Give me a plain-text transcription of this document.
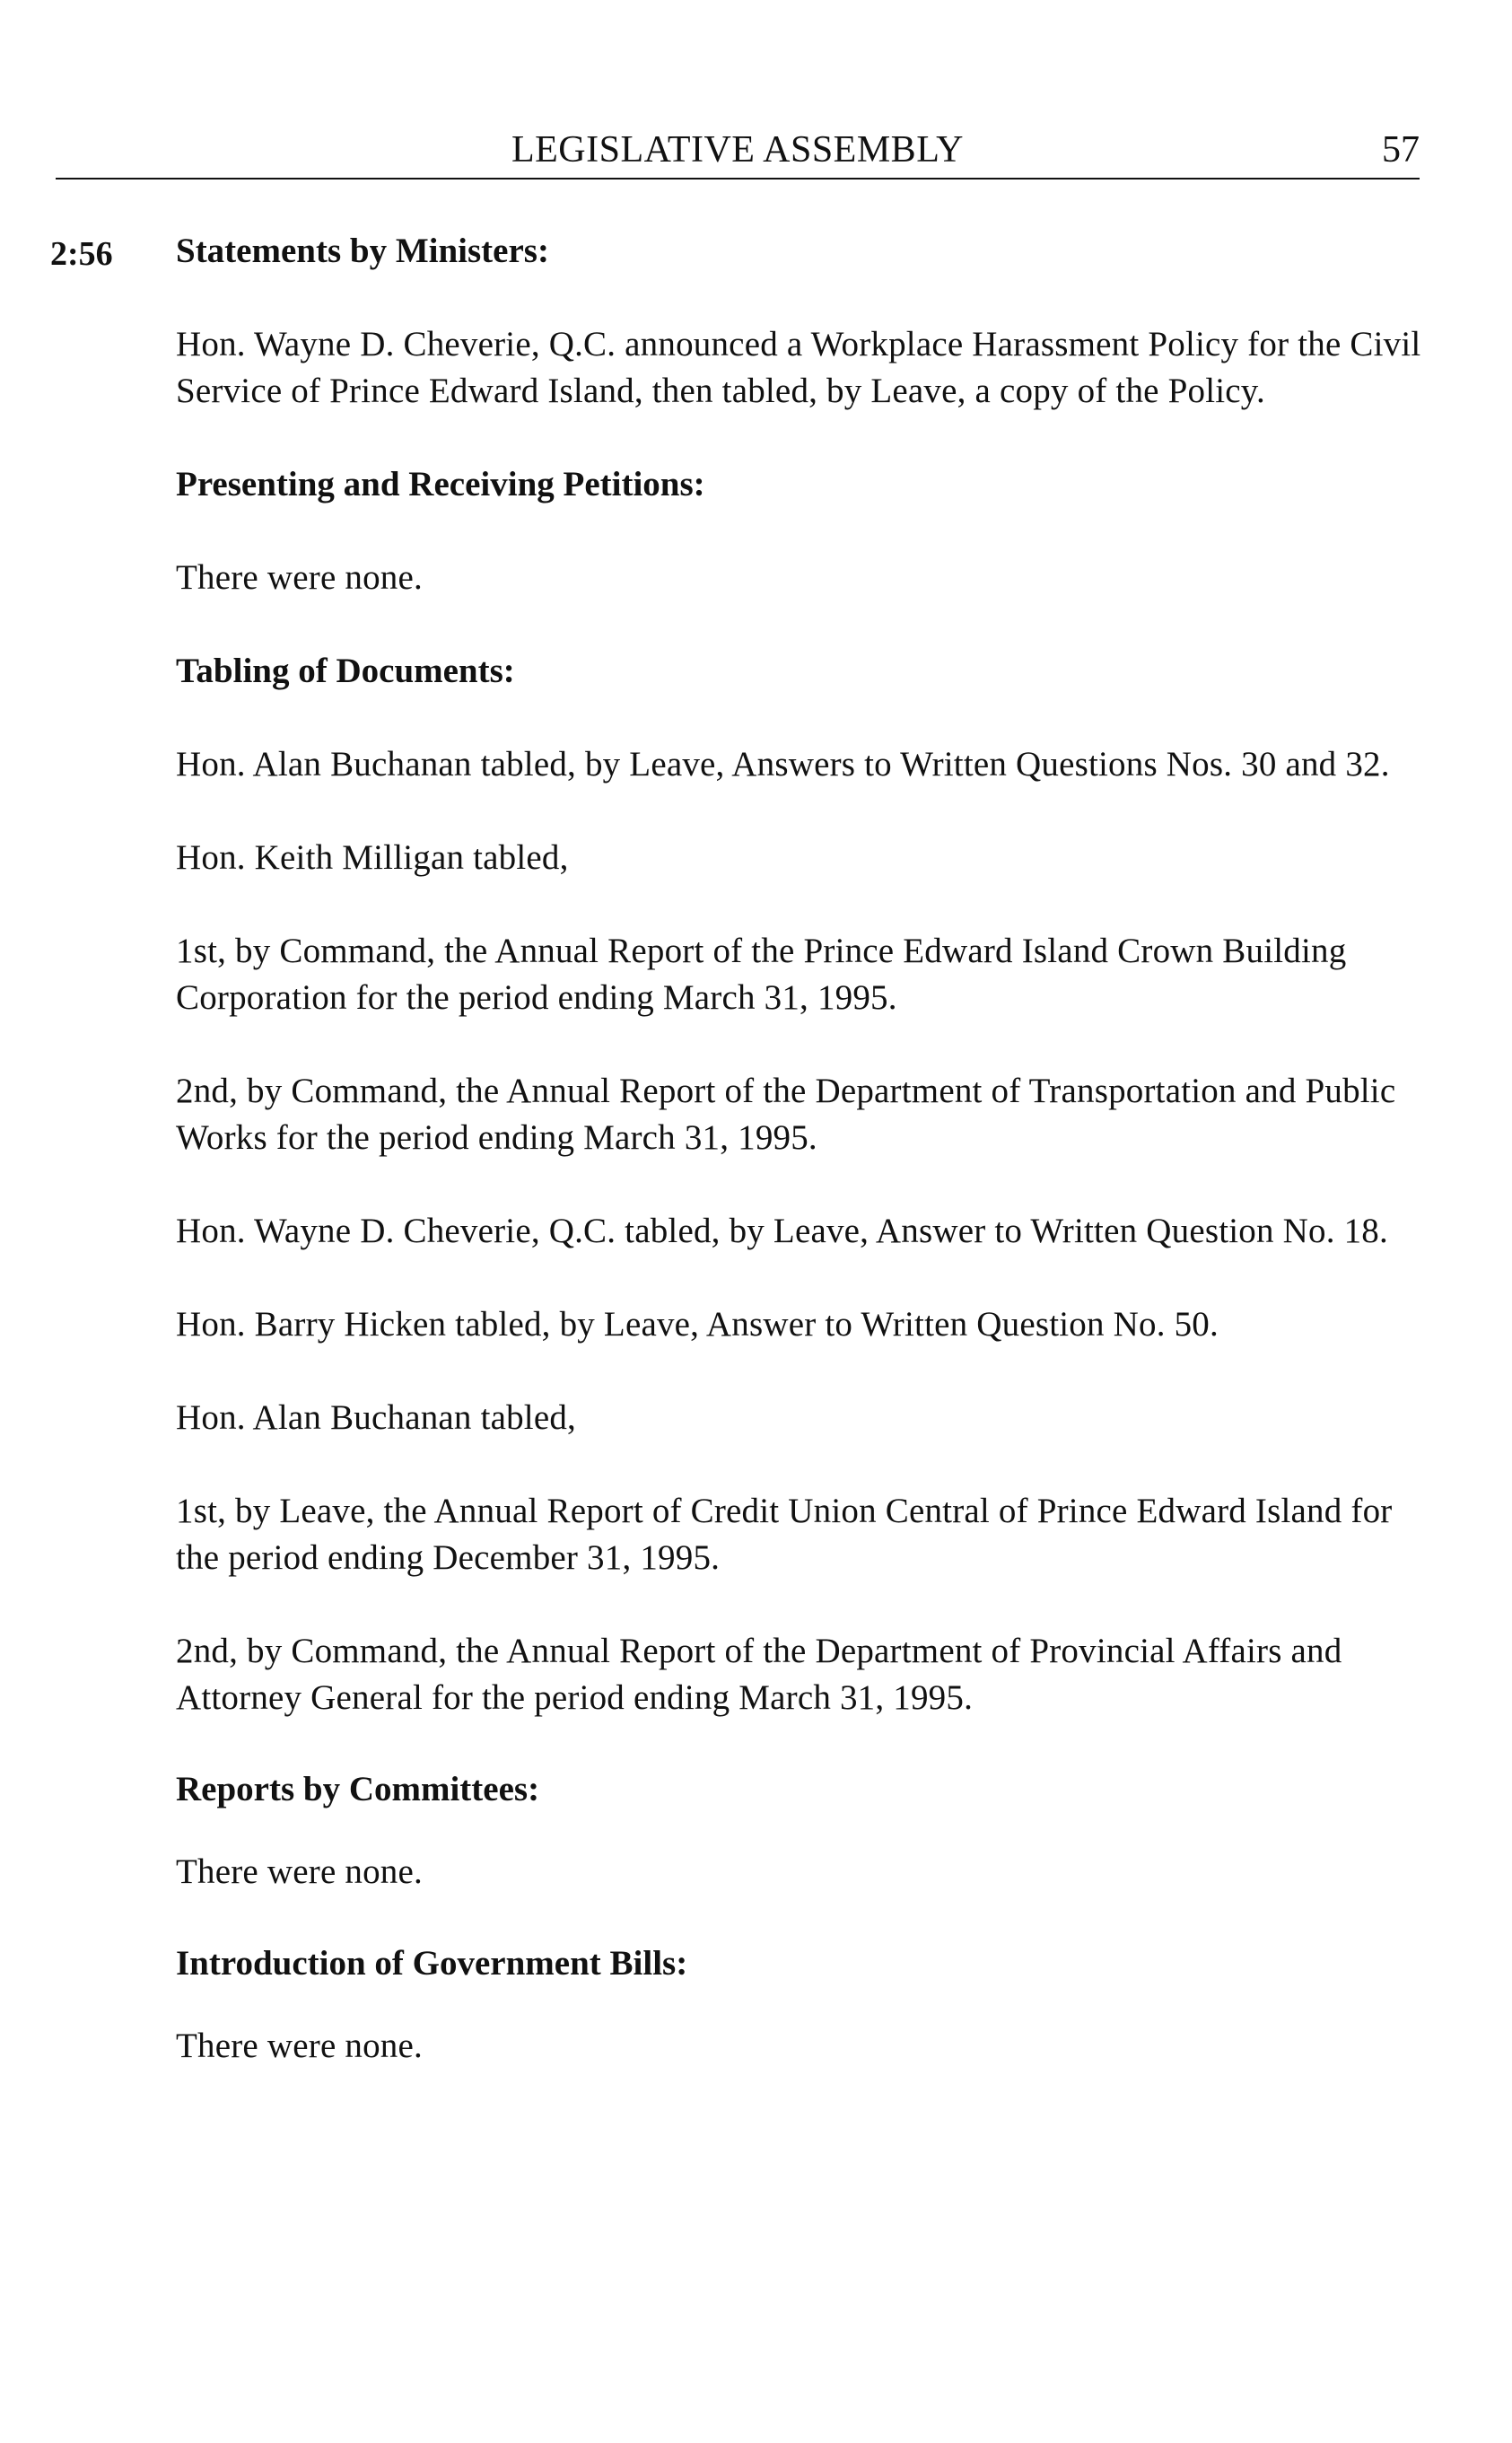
LEGISLATIVE ASSEMBLY	57
2:56 Statements by Ministers:
Hon. Wayne D. Cheverie, Q.C. announced a Workplace Harassment Policy for the Civil Service of Prince Edward Island, then tabled, by Leave, a copy of the Policy.
Presenting and Receiving Petitions:
There were none.
Tabling of Documents:
Hon. Alan Buchanan tabled, by Leave, Answers to Written Questions Nos. 30 and 32.
Hon. Keith Milligan tabled,
1st, by Command, the Annual Report of the Prince Edward Island Crown Building Corporation for the period ending March 31, 1995.
2nd, by Command, the Annual Report of the Department of Transportation and Public Works for the period ending March 31, 1995.
Hon. Wayne D. Cheverie, Q.C. tabled, by Leave, Answer to Written Question No. 18.
Hon. Barry Hicken tabled, by Leave, Answer to Written Question No. 50.
Hon. Alan Buchanan tabled,
1st, by Leave, the Annual Report of Credit Union Central of Prince Edward Island for the period ending December 31, 1995.
2nd, by Command, the Annual Report of the Department of Provincial Affairs and Attorney General for the period ending March 31, 1995.
Reports by Committees:
There were none.
Introduction of Government Bills:
There were none.
